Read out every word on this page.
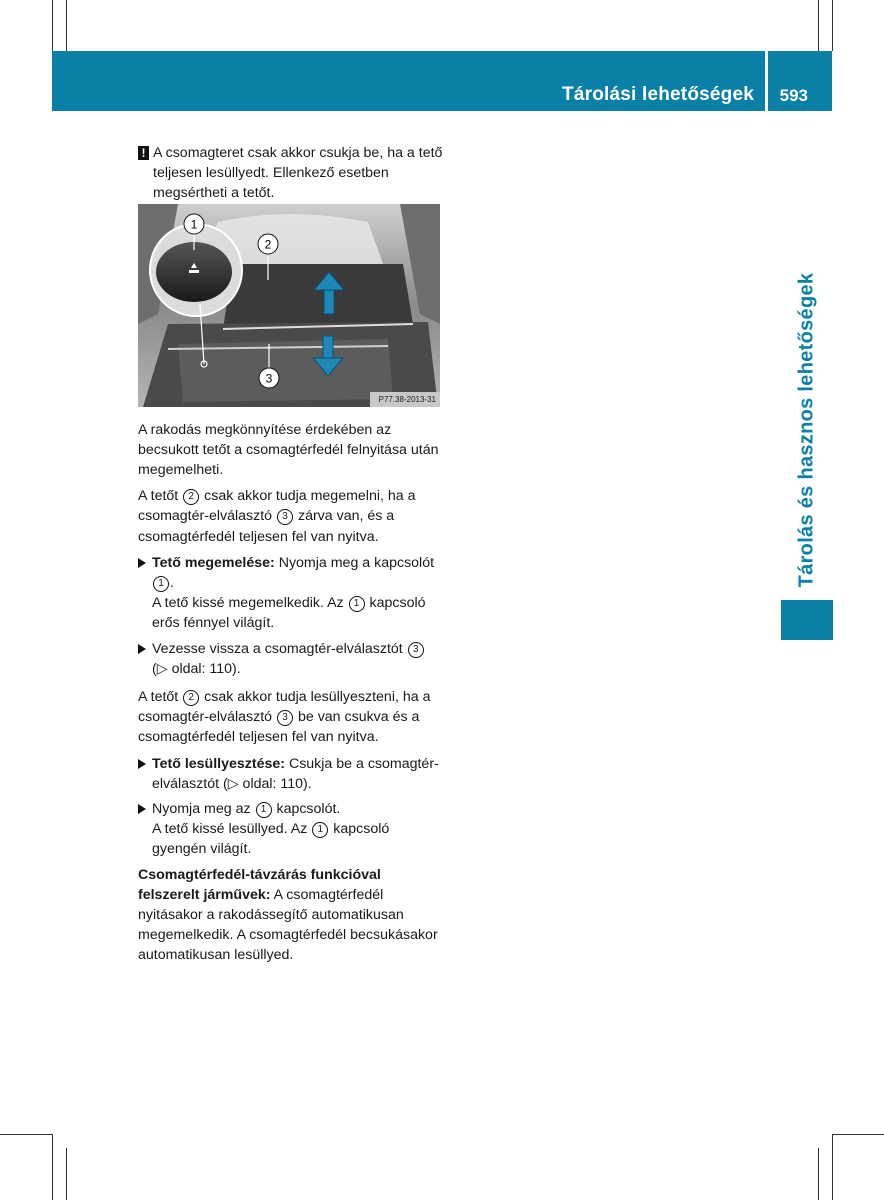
Tárolási lehetőségek 593
Tárolás és hasznos lehetőségek

! A csomagteret csak akkor csukja be, ha a tető teljesen lesüllyedt. Ellenkező esetben megsértheti a tetőt.

1
2
3
P77.38-2013-31

A rakodás megkönnyítése érdekében az becsukott tetőt a csomagtérfedél felnyitása után megemelheti.

A tetőt 2 csak akkor tudja megemelni, ha a csomagtér-elválasztó 3 zárva van, és a csomagtérfedél teljesen fel van nyitva.

Tető megemelése: Nyomja meg a kapcsolót 1 .
A tető kissé megemelkedik. Az 1 kapcsoló erős fénnyel világít.
Vezesse vissza a csomagtér-elválasztót 3 (▷ oldal: 110).

A tetőt 2 csak akkor tudja lesüllyeszteni, ha a csomagtér-elválasztó 3 be van csukva és a csomagtérfedél teljesen fel van nyitva.

Tető lesüllyesztése: Csukja be a csomagtér-elválasztót (▷ oldal: 110).
Nyomja meg az 1 kapcsolót.
A tető kissé lesüllyed. Az 1 kapcsoló gyengén világít.

Csomagtérfedél-távzárás funkcióval felszerelt járművek: A csomagtérfedél nyitásakor a rakodássegítő automatikusan megemelkedik. A csomagtérfedél becsukásakor automatikusan lesüllyed.
